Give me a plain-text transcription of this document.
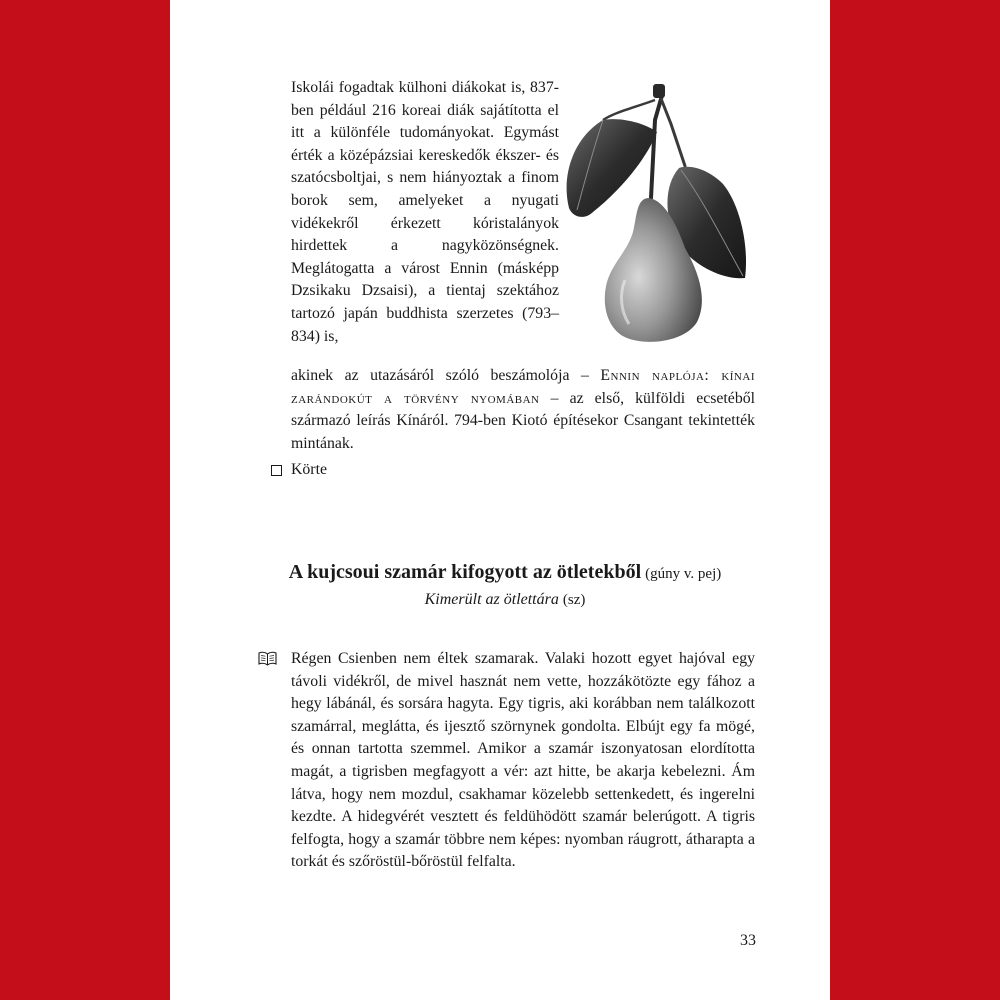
Iskolái fogadtak külhoni diákokat is, 837-ben például 216 koreai diák sajátította el itt a különféle tudományokat. Egymást érték a középázsiai kereskedők ékszer- és szatócsboltjai, s nem hiányoztak a finom borok sem, amelyeket a nyugati vidékekről érkezett kóristalányok hirdettek a nagyközönségnek. Meglátogatta a várost Ennin (másképp Dzsikaku Dzsaisi), a tientaj szektához tartozó japán buddhista szerzetes (793–834) is,
akinek az utazásáról szóló beszámolója – Ennin naplója: kínai zarándokút a törvény nyomában – az első, külföldi ecsetéből származó leírás Kínáról. 794-ben Kiotó építésekor Csangant tekintették mintának.
Körte
A kujcsoui szamár kifogyott az ötletekből (gúny v. pej)
Kimerült az ötlettára (sz)
Régen Csienben nem éltek szamarak. Valaki hozott egyet hajóval egy távoli vidékről, de mivel hasznát nem vette, hozzákötözte egy fához a hegy lábánál, és sorsára hagyta. Egy tigris, aki korábban nem találkozott szamárral, meglátta, és ijesztő szörnynek gondolta. Elbújt egy fa mögé, és onnan tartotta szemmel. Amikor a szamár iszonyatosan elordította magát, a tigrisben megfagyott a vér: azt hitte, be akarja kebelezni. Ám látva, hogy nem mozdul, csakhamar közelebb settenkedett, és ingerelni kezdte. A hidegvérét vesztett és feldühödött szamár belerúgott. A tigris felfogta, hogy a szamár többre nem képes: nyomban ráugrott, átharapta a torkát és szőröstül-bőröstül felfalta.
33
